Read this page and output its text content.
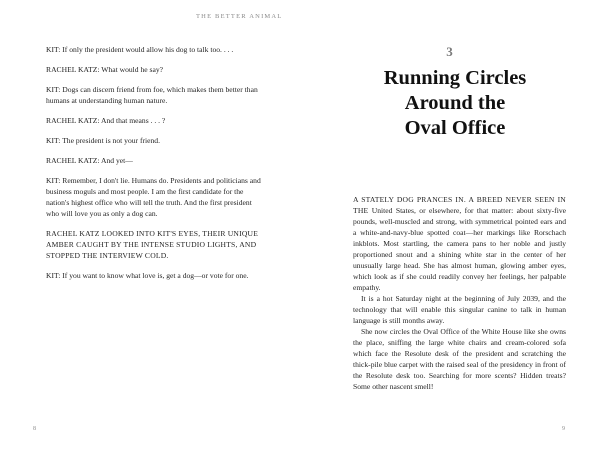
THE BETTER ANIMAL

KIT: If only the president would allow his dog to talk too. . . .

RACHEL KATZ: What would he say?

KIT: Dogs can discern friend from foe, which makes them better than humans at understanding human nature.

RACHEL KATZ: And that means . . . ?

KIT: The president is not your friend.

RACHEL KATZ: And yet—

KIT: Remember, I don't lie. Humans do. Presidents and politicians and business moguls and most people. I am the first candidate for the nation's highest office who will tell the truth. And the first president who will love you as only a dog can.

RACHEL KATZ LOOKED INTO KIT'S EYES, THEIR UNIQUE AMBER CAUGHT BY THE INTENSE STUDIO LIGHTS, AND STOPPED THE INTERVIEW COLD.

KIT: If you want to know what love is, get a dog—or vote for one.

8
3
Running Circles
Around the
Oval Office

A STATELY DOG PRANCES IN. A BREED NEVER SEEN IN THE United States, or elsewhere, for that matter: about sixty-five pounds, well-muscled and strong, with symmetrical pointed ears and a white-and-navy-blue spotted coat—her markings like Rorschach inkblots. Most startling, the camera pans to her noble and justly proportioned snout and a shining white star in the center of her unusually large head. She has almost human, glowing amber eyes, which look as if she could readily convey her feelings, her palpable empathy.

It is a hot Saturday night at the beginning of July 2039, and the technology that will enable this singular canine to talk in human language is still months away.

She now circles the Oval Office of the White House like she owns the place, sniffing the large white chairs and cream-colored sofa which face the Resolute desk of the president and scratching the thick-pile blue carpet with the raised seal of the presidency in front of the Resolute desk too. Searching for more scents? Hidden treats? Some other nascent smell!

9
